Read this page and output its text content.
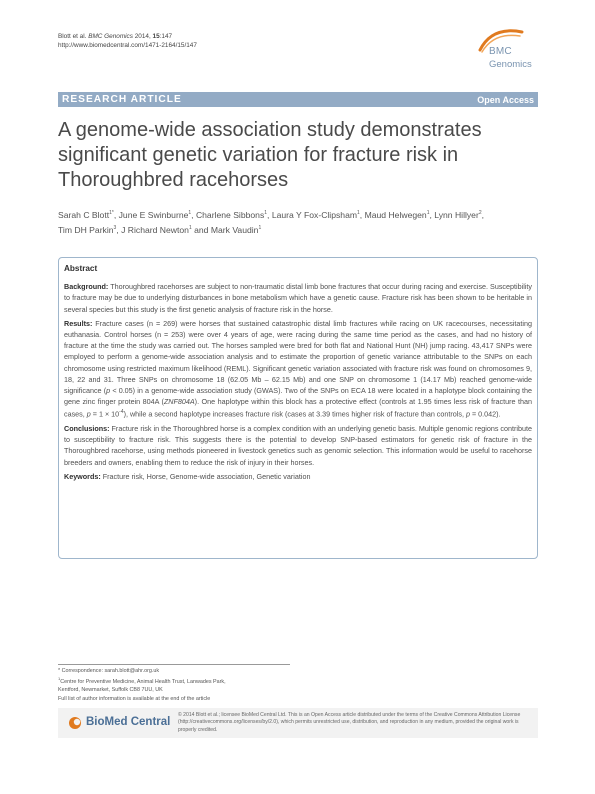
Blott et al. BMC Genomics 2014, 15:147
http://www.biomedcentral.com/1471-2164/15/147
BMC
Genomics
RESEARCH ARTICLE	Open Access
A genome-wide association study demonstrates significant genetic variation for fracture risk in Thoroughbred racehorses
Sarah C Blott$^{1*}$, June E Swinburne$^1$, Charlene Sibbons$^1$, Laura Y Fox-Clipsham$^1$, Maud Helwegen$^1$, Lynn Hillyer$^2$,
Tim DH Parkin$^3$, J Richard Newton$^1$ and Mark Vaudin$^1$
Abstract

Background: Thoroughbred racehorses are subject to non-traumatic distal limb bone fractures that occur during racing and exercise. Susceptibility to fracture may be due to underlying disturbances in bone metabolism which have a genetic cause. Fracture risk has been shown to be heritable in several species but this study is the first genetic analysis of fracture risk in the horse.

Results: Fracture cases (n = 269) were horses that sustained catastrophic distal limb fractures while racing on UK racecourses, necessitating euthanasia. Control horses (n = 253) were over 4 years of age, were racing during the same time period as the cases, and had no history of fracture at the time the study was carried out. The horses sampled were bred for both flat and National Hunt (NH) jump racing. 43,417 SNPs were employed to perform a genome-wide association analysis and to estimate the proportion of genetic variance attributable to the SNPs on each chromosome using restricted maximum likelihood (REML). Significant genetic variation associated with fracture risk was found on chromosomes 9, 18, 22 and 31. Three SNPs on chromosome 18 (62.05 Mb – 62.15 Mb) and one SNP on chromosome 1 (14.17 Mb) reached genome-wide significance (p < 0.05) in a genome-wide association study (GWAS). Two of the SNPs on ECA 18 were located in a haplotype block containing the gene zinc finger protein 804A (ZNF804A). One haplotype within this block has a protective effect (controls at 1.95 times less risk of fracture than cases, $p = 1 \times 10^{-4}$), while a second haplotype increases fracture risk (cases at 3.39 times higher risk of fracture than controls, p = 0.042).

Conclusions: Fracture risk in the Thoroughbred horse is a complex condition with an underlying genetic basis. Multiple genomic regions contribute to susceptibility to fracture risk. This suggests there is the potential to develop SNP-based estimators for genetic risk of fracture in the Thoroughbred racehorse, using methods pioneered in livestock genetics such as genomic selection. This information would be useful to racehorse breeders and owners, enabling them to reduce the risk of injury in their horses.

Keywords: Fracture risk, Horse, Genome-wide association, Genetic variation

* Correspondence: sarah.blott@ahr.org.uk
$^1$Centre for Preventive Medicine, Animal Health Trust, Lanwades Park,
Kentford, Newmarket, Suffolk CB8 7UU, UK
Full list of author information is available at the end of the article
BioMed Central
© 2014 Blott et al.; licensee BioMed Central Ltd. This is an Open Access article distributed under the terms of the Creative Commons Attribution License (http://creativecommons.org/licenses/by/2.0), which permits unrestricted use, distribution, and reproduction in any medium, provided the original work is properly credited.
